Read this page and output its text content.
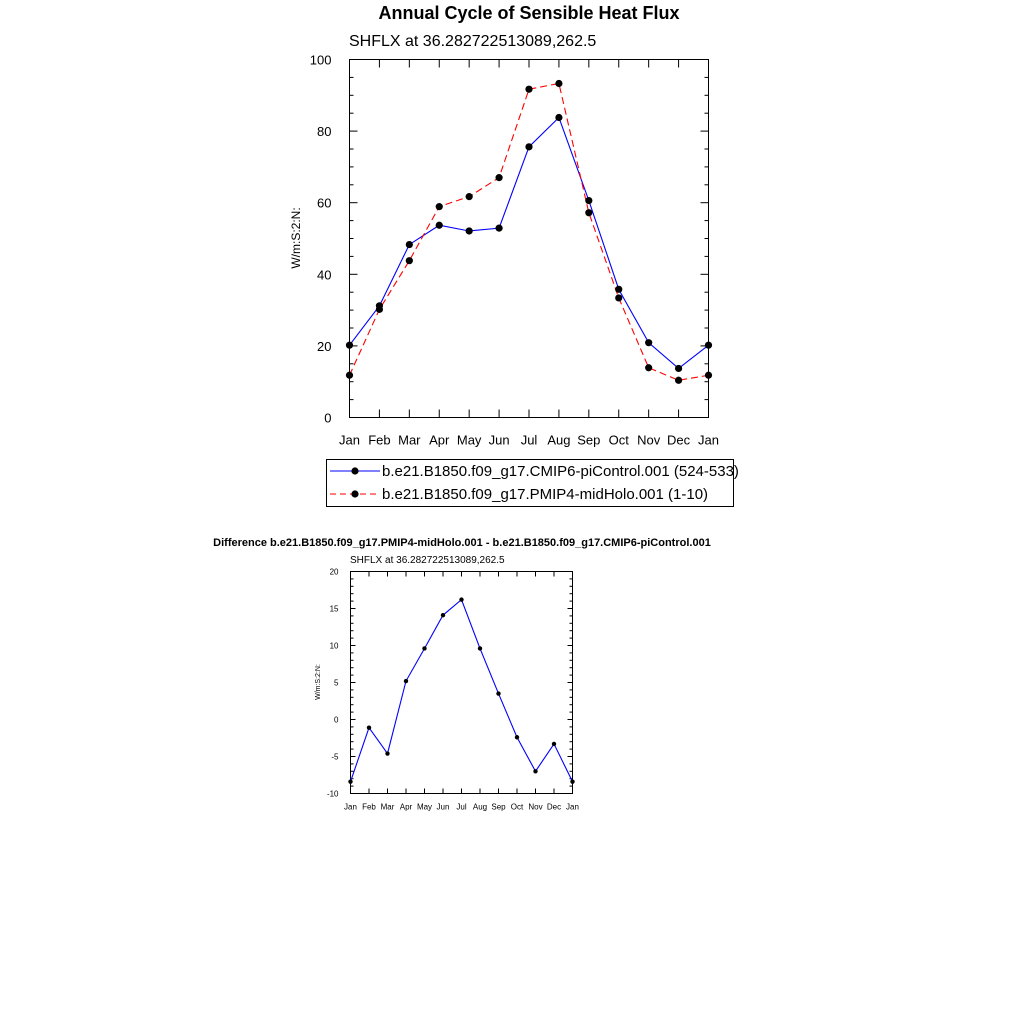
Annual Cycle of Sensible Heat Flux
SHFLX at 36.282722513089,262.5
W/m:S:2:N:
Jan Feb Mar Apr May Jun Jul Aug Sep Oct Nov Dec Jan
0
20
40
60
80
100
b.e21.B1850.f09_g17.CMIP6-piControl.001 (524-533)
b.e21.B1850.f09_g17.PMIP4-midHolo.001 (1-10)
Difference b.e21.B1850.f09_g17.PMIP4-midHolo.001 - b.e21.B1850.f09_g17.CMIP6-piControl.001
SHFLX at 36.282722513089,262.5
W/m:S:2:N:
Jan Feb Mar Apr May Jun Jul Aug Sep Oct Nov Dec Jan
-10
-5
0
5
10
15
20
